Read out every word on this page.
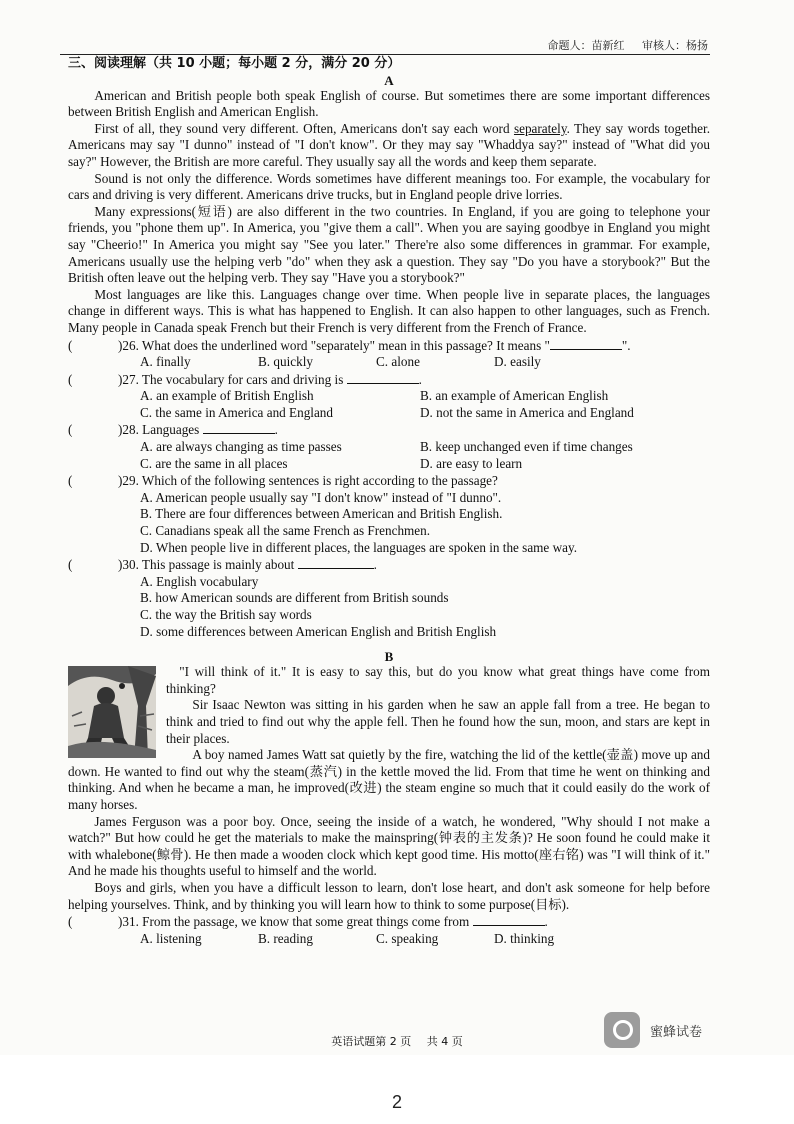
命题人：苗新红 审核人：杨扬
三、阅读理解（共 10 小题；每小题 2 分，满分 20 分）
A

American and British people both speak English of course. But sometimes there are some important differences between British English and American English.

First of all, they sound very different. Often, Americans don't say each word separately. They say words together. Americans may say "I dunno" instead of "I don't know". Or they may say "Whaddya say?" instead of "What did you say?" However, the British are more careful. They usually say all the words and keep them separate.

Sound is not only the difference. Words sometimes have different meanings too. For example, the vocabulary for cars and driving is very different. Americans drive trucks, but in England people drive lorries.

Many expressions(短语) are also different in the two countries. In England, if you are going to telephone your friends, you "phone them up". In America, you "give them a call". When you are saying goodbye in England you might say "Cheerio!" In America you might say "See you later." There're also some differences in grammar. For example, Americans usually use the helping verb "do" when they ask a question. They say "Do you have a storybook?" But the British often leave out the helping verb. They say "Have you a storybook?"

Most languages are like this. Languages change over time. When people live in separate places, the languages change in different ways. This is what has happened to English. It can also happen to other languages, such as French. Many people in Canada speak French but their French is very different from the French of France.

(	)26. What does the underlined word "separately" mean in this passage? It means "	".
A. finally	B. quickly	C. alone	D. easily
(	)27. The vocabulary for cars and driving is	.
A. an example of British English	B. an example of American English
C. the same in America and England	D. not the same in America and England
(	)28. Languages	.
A. are always changing as time passes	B. keep unchanged even if time changes
C. are the same in all places	D. are easy to learn
(	)29. Which of the following sentences is right according to the passage?
A. American people usually say "I don't know" instead of "I dunno".
B. There are four differences between American and British English.
C. Canadians speak all the same French as Frenchmen.
D. When people live in different places, the languages are spoken in the same way.
(	)30. This passage is mainly about	.
A. English vocabulary
B. how American sounds are different from British sounds
C. the way the British say words
D. some differences between American English and British English
B

"I will think of it." It is easy to say this, but do you know what great things have come from thinking?

Sir Isaac Newton was sitting in his garden when he saw an apple fall from a tree. He began to think and tried to find out why the apple fell. Then he found how the sun, moon, and stars are kept in their places.

A boy named James Watt sat quietly by the fire, watching the lid of the kettle(壶盖) move up and down. He wanted to find out why the steam(蒸汽) in the kettle moved the lid. From that time he went on thinking and thinking. And when he became a man, he improved(改进) the steam engine so much that it could easily do the work of many horses.

James Ferguson was a poor boy. Once, seeing the inside of a watch, he wondered, "Why should I not make a watch?" But how could he get the materials to make the mainspring(钟表的主发条)? He soon found he could make it with whalebone(鲸骨). He then made a wooden clock which kept good time. His motto(座右铭) was "I will think of it." And he made his thoughts useful to himself and the world.

Boys and girls, when you have a difficult lesson to learn, don't lose heart, and don't ask someone for help before helping yourselves. Think, and by thinking you will learn how to think to some purpose(目标).

(	)31. From the passage, we know that some great things come from	.
A. listening	B. reading	C. speaking	D. thinking
蜜蜂试卷
英语试题第 2 页 共 4 页
2
